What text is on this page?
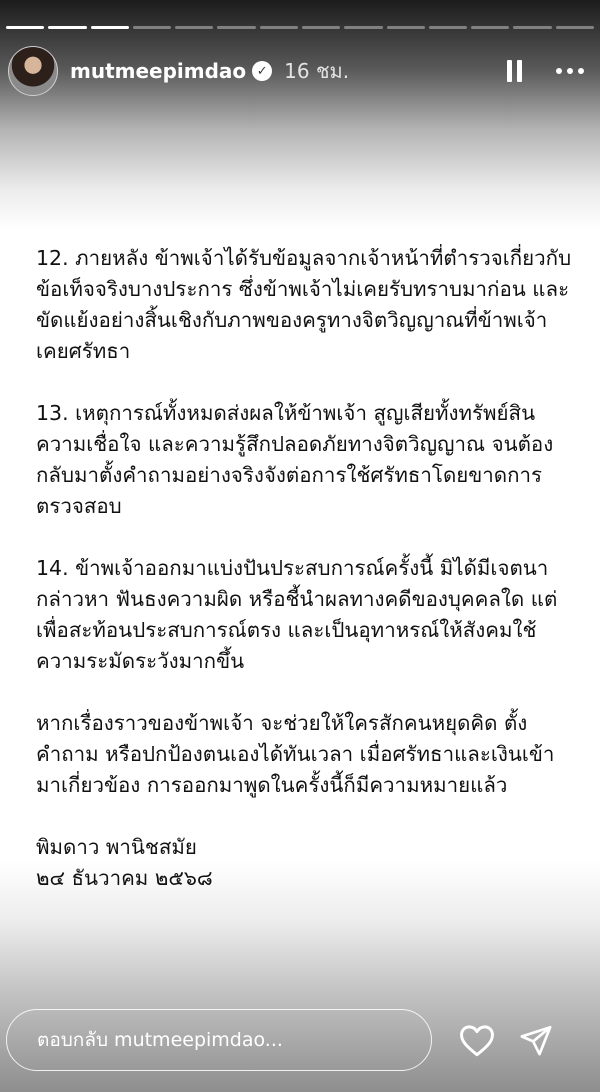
mutmeepimdao ✓ 16 ชม.

12. ภายหลัง ข้าพเจ้าได้รับข้อมูลจากเจ้าหน้าที่ตำรวจเกี่ยวกับ
ข้อเท็จจริงบางประการ ซึ่งข้าพเจ้าไม่เคยรับทราบมาก่อน และ
ขัดแย้งอย่างสิ้นเชิงกับภาพของครูทางจิตวิญญาณที่ข้าพเจ้า
เคยศรัทธา

13. เหตุการณ์ทั้งหมดส่งผลให้ข้าพเจ้า สูญเสียทั้งทรัพย์สิน
ความเชื่อใจ และความรู้สึกปลอดภัยทางจิตวิญญาณ จนต้อง
กลับมาตั้งคำถามอย่างจริงจังต่อการใช้ศรัทธาโดยขาดการ
ตรวจสอบ

14. ข้าพเจ้าออกมาแบ่งปันประสบการณ์ครั้งนี้ มิได้มีเจตนา
กล่าวหา ฟันธงความผิด หรือชี้นำผลทางคดีของบุคคลใด แต่
เพื่อสะท้อนประสบการณ์ตรง และเป็นอุทาหรณ์ให้สังคมใช้
ความระมัดระวังมากขึ้น

หากเรื่องราวของข้าพเจ้า จะช่วยให้ใครสักคนหยุดคิด ตั้ง
คำถาม หรือปกป้องตนเองได้ทันเวลา เมื่อศรัทธาและเงินเข้า
มาเกี่ยวข้อง การออกมาพูดในครั้งนี้ก็มีความหมายแล้ว

พิมดาว พานิชสมัย
๒๔ ธันวาคม ๒๕๖๘

ตอบกลับ mutmeepimdao...
